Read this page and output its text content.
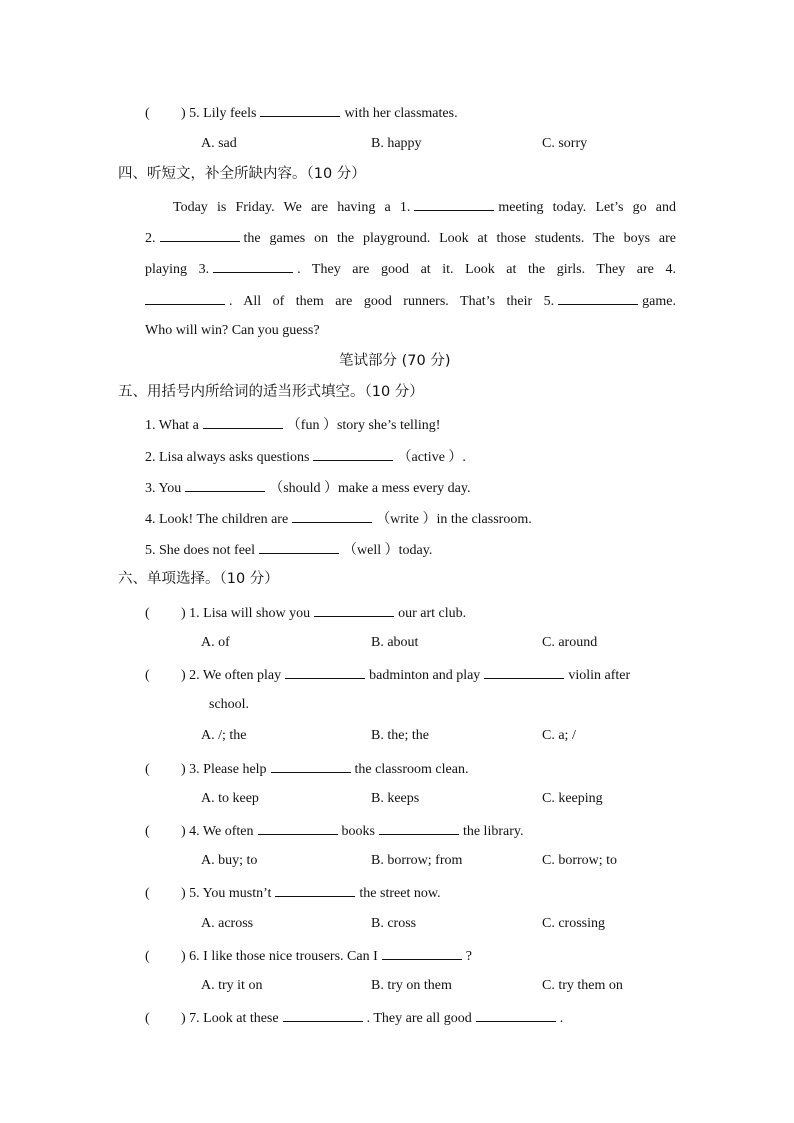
( ) 5. Lily feels	with her classmates.
A. sad	B. happy	C. sorry
四、听短文，补全所缺内容。（10 分）
Today is Friday. We are having a 1.	meeting today. Let’s go and
2.	the games on the playground. Look at those students. The boys are
playing 3.	. They are good at it. Look at the girls. They are 4.
. All of them are good runners. That’s their 5.	game.
Who will win? Can you guess?
笔试部分 (70 分)
五、用括号内所给词的适当形式填空。（10 分）
1. What a	（fun ）story she’s telling!
2. Lisa always asks questions	（active ）.
3. You	（should ）make a mess every day.
4. Look! The children are	（write ）in the classroom.
5. She does not feel	（well ）today.
六、单项选择。（10 分）
( ) 1. Lisa will show you	our art club.
A. of	B. about	C. around
( ) 2. We often play	badminton and play	violin after
school.
A. /; the	B. the; the	C. a; /
( ) 3. Please help	the classroom clean.
A. to keep	B. keeps	C. keeping
( ) 4. We often	books	the library.
A. buy; to	B. borrow; from	C. borrow; to
( ) 5. You mustn’t	the street now.
A. across	B. cross	C. crossing
( ) 6. I like those nice trousers. Can I	?
A. try it on	B. try on them	C. try them on
( ) 7. Look at these	. They are all good	.
